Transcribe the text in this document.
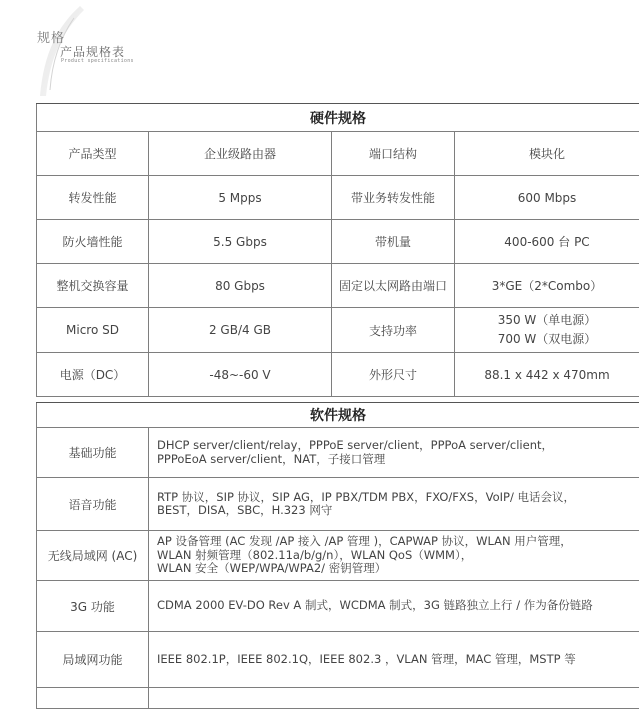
规格
产品规格表
Product specifications
硬件规格			
产品类型	企业级路由器	端口结构	模块化
转发性能	5 Mpps	带业务转发性能	600 Mbps
防火墙性能	5.5 Gbps	带机量	400-600 台 PC
整机交换容量	80 Gbps	固定以太网路由端口	3*GE（2*Combo）
Micro SD	2 GB/4 GB	支持功率	350 W（单电源）
700 W（双电源）

电源（DC）	-48~-60 V	外形尺寸	88.1 x 442 x 470mm
软件规格	
基础功能	DHCP server/client/relay，PPPoE server/client，PPPoA server/client，
PPPoEoA server/client，NAT，子接口管理

语音功能	RTP 协议，SIP 协议，SIP AG，IP PBX/TDM PBX，FXO/FXS，VoIP/ 电话会议，
BEST，DISA，SBC，H.323 网守

无线局域网 (AC)	AP 设备管理 (AC 发现 /AP 接入 /AP 管理 )，CAPWAP 协议，WLAN 用户管理，
WLAN 射频管理（802.11a/b/g/n），WLAN QoS（WMM），
WLAN 安全（WEP/WPA/WPA2/ 密钥管理）

3G 功能	CDMA 2000 EV-DO Rev A 制式，WCDMA 制式，3G 链路独立上行 / 作为备份链路

局域网功能	IEEE 802.1P，IEEE 802.1Q，IEEE 802.3 ，VLAN 管理，MAC 管理，MSTP 等
